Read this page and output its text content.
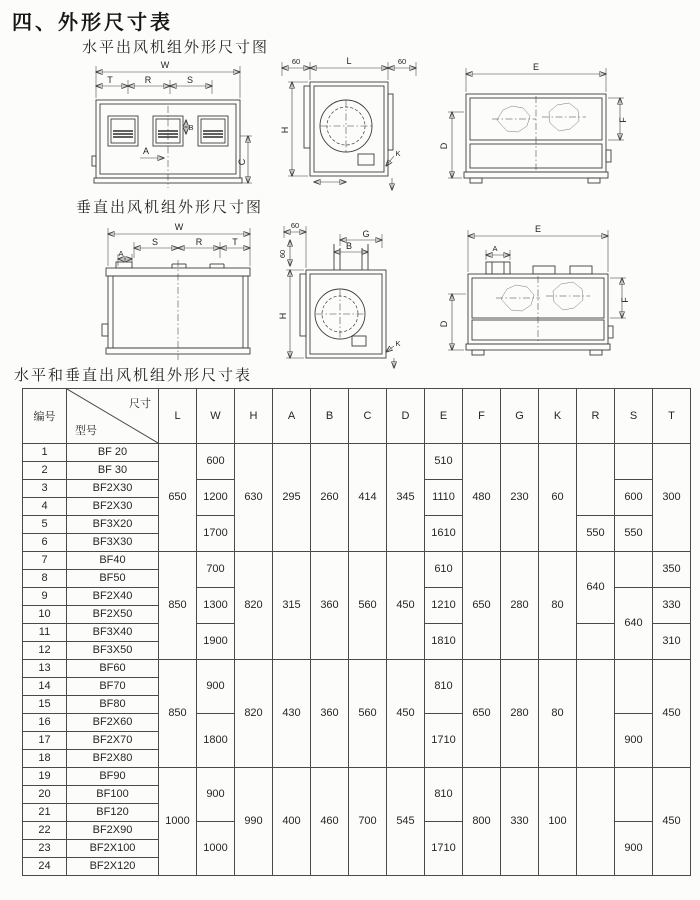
四、外形尺寸表
水平出风机组外形尺寸图
垂直出风机组外形尺寸图
水平和垂直出风机组外形尺寸表
W
T	R	S
A
B
C
60	L	60
H
K
E
F
D
W
S	R	T
A
60
60
G
B
H
K
E
A
F
D
编号	尺寸
型号	L	W	H	A	B	C	D	E	F	G	K	R	S	T
1	BF 20	650	600	630	295	260	414	345	510	480	230	60			300
2	BF 30														
3	BF2X30		1200						1110					600	
4	BF2X30														
5	BF3X20		1700						1610				550	550	
6	BF3X30														
7	BF40	850	700	820	315	360	560	450	610	650	280	80	640		350
8	BF50														
9	BF2X40		1300						1210					640	330
10	BF2X50														
11	BF3X40		1900						1810						310
12	BF3X50														
13	BF60	850	900	820	430	360	560	450	810	650	280	80			450
14	BF70														
15	BF80														
16	BF2X60		1800						1710					900	
17	BF2X70														
18	BF2X80														
19	BF90	1000	900	990	400	460	700	545	810	800	330	100			450
20	BF100														
21	BF120														
22	BF2X90		1000						1710					900	
23	BF2X100														
24	BF2X120														
